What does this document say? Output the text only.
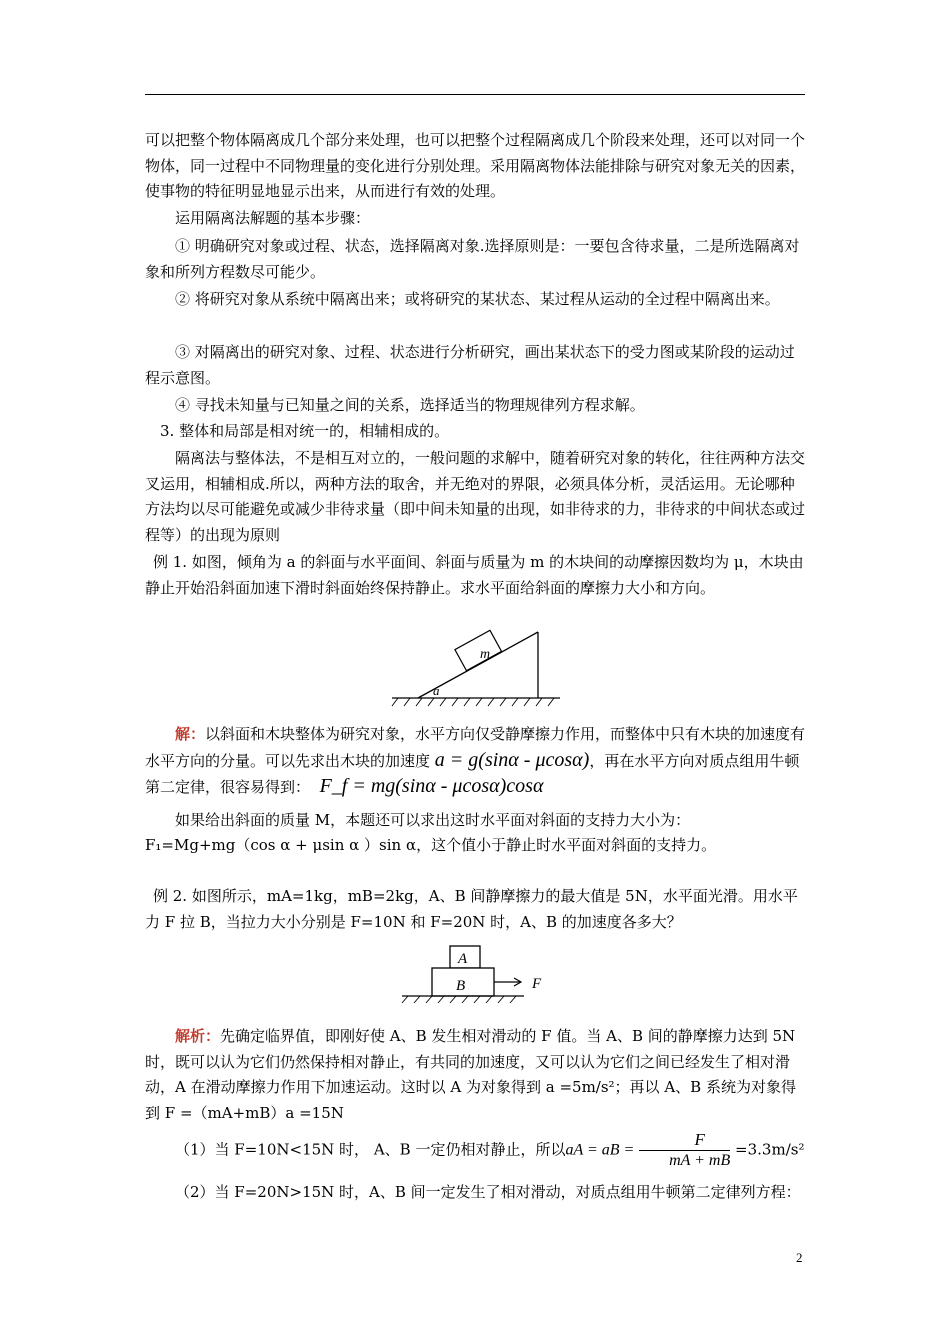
可以把整个物体隔离成几个部分来处理，也可以把整个过程隔离成几个阶段来处理，还可以对同一个物体，同一过程中不同物理量的变化进行分别处理。采用隔离物体法能排除与研究对象无关的因素，使事物的特征明显地显示出来，从而进行有效的处理。

运用隔离法解题的基本步骤：

① 明确研究对象或过程、状态，选择隔离对象.选择原则是：一要包含待求量，二是所选隔离对象和所列方程数尽可能少。

② 将研究对象从系统中隔离出来；或将研究的某状态、某过程从运动的全过程中隔离出来。

③ 对隔离出的研究对象、过程、状态进行分析研究，画出某状态下的受力图或某阶段的运动过程示意图。

④ 寻找未知量与已知量之间的关系，选择适当的物理规律列方程求解。

3. 整体和局部是相对统一的，相辅相成的。

隔离法与整体法，不是相互对立的，一般问题的求解中，随着研究对象的转化，往往两种方法交叉运用，相辅相成.所以，两种方法的取舍，并无绝对的界限，必须具体分析，灵活运用。无论哪种方法均以尽可能避免或减少非待求量（即中间未知量的出现，如非待求的力，非待求的中间状态或过程等）的出现为原则

例 1. 如图，倾角为 a 的斜面与水平面间、斜面与质量为 m 的木块间的动摩擦因数均为 μ，木块由静止开始沿斜面加速下滑时斜面始终保持静止。求水平面给斜面的摩擦力大小和方向。

m
a

解：以斜面和木块整体为研究对象，水平方向仅受静摩擦力作用，而整体中只有木块的加速度有水平方向的分量。可以先求出木块的加速度 a = g(sinα - μcosα)，再在水平方向对质点组用牛顿第二定律，很容易得到： F_f = mg(sinα - μcosα)cosα

如果给出斜面的质量 M，本题还可以求出这时水平面对斜面的支持力大小为：

F₁=Mg+mg（cos α + μsin α ）sin α，这个值小于静止时水平面对斜面的支持力。

例 2. 如图所示，mA=1kg，mB=2kg，A、B 间静摩擦力的最大值是 5N，水平面光滑。用水平力 F 拉 B，当拉力大小分别是 F=10N 和 F=20N 时，A、B 的加速度各多大？

A
B	F

解析：先确定临界值，即刚好使 A、B 发生相对滑动的 F 值。当 A、B 间的静摩擦力达到 5N 时，既可以认为它们仍然保持相对静止，有共同的加速度，又可以认为它们之间已经发生了相对滑动，A 在滑动摩擦力作用下加速运动。这时以 A 为对象得到 a =5m/s²；再以 A、B 系统为对象得到 F =（mA+mB）a =15N

（1）当 F=10N<15N 时， A、B 一定仍相对静止，所以aA = aB = $\frac{F}{mA + mB} =3.3m/s^2$

（2）当 F=20N>15N 时，A、B 间一定发生了相对滑动，对质点组用牛顿第二定律列方程：

2
